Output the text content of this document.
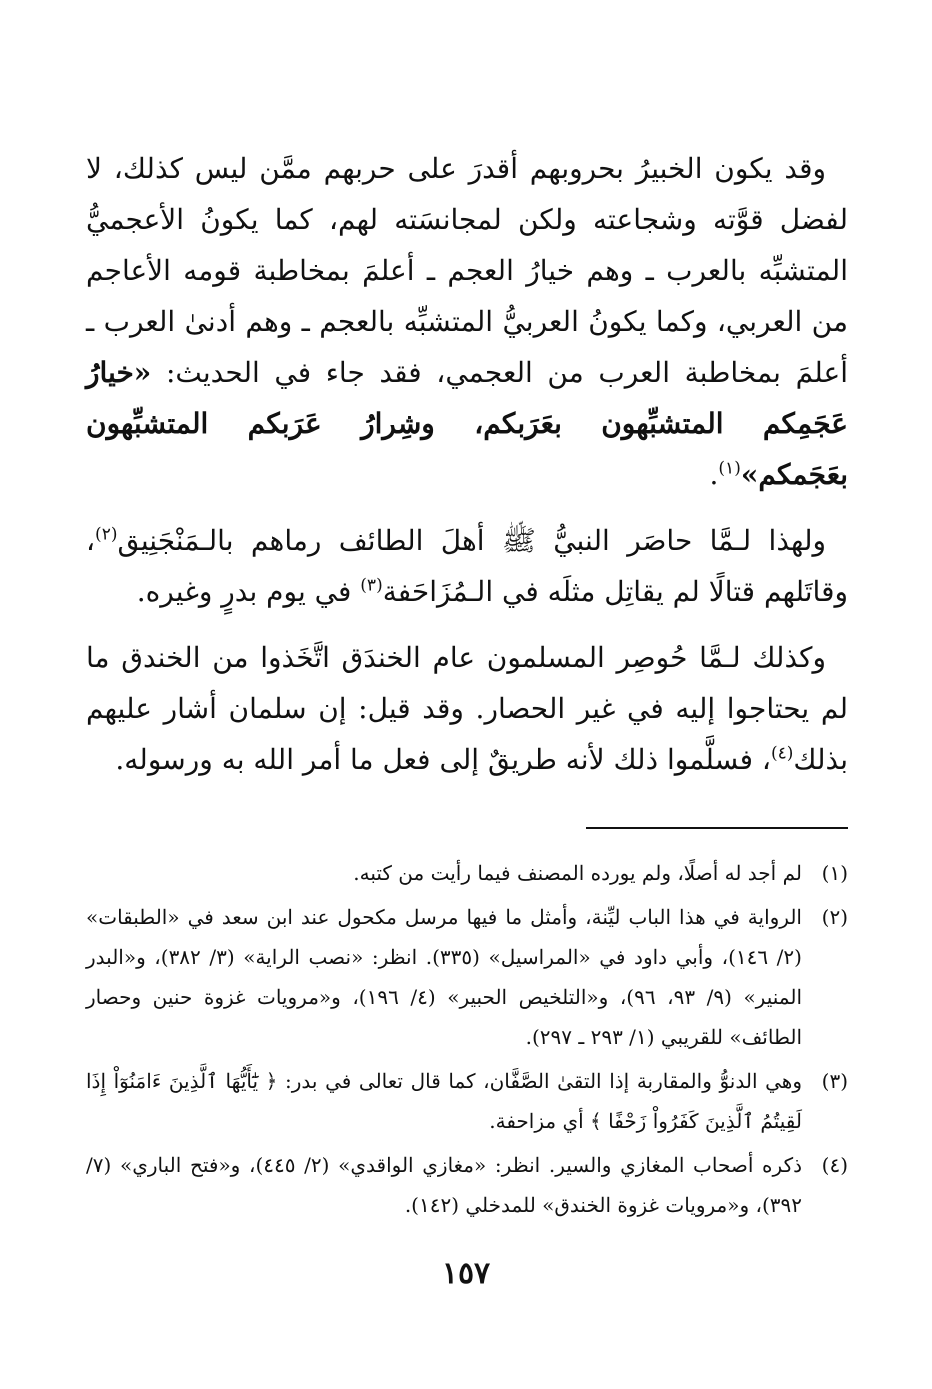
وقد يكون الخبيرُ بحروبهم أقدرَ على حربهم ممَّن ليس كذلك، لا لفضل قوَّته وشجاعته ولكن لمجانسَته لهم، كما يكونُ الأعجميُّ المتشبِّه بالعرب ـ وهم خيارُ العجم ـ أعلمَ بمخاطبة قومه الأعاجم من العربي، وكما يكونُ العربيُّ المتشبِّه بالعجم ـ وهم أدنىٰ العرب ـ أعلمَ بمخاطبة العرب من العجمي، فقد جاء في الحديث: «خيارُ عَجَمِكم المتشبِّهون بعَرَبكم، وشِرارُ عَرَبكم المتشبِّهون بعَجَمكم»$^{(١)}$.

ولهذا لـمَّا حاصَر النبيُّ ﷺ أهلَ الطائف رماهم بالـمَنْجَنِيق$^{(٢)}$، وقاتَلهم قتالًا لم يقاتِل مثلَه في الـمُزَاحَفة$^{(٣)}$ في يوم بدرٍ وغيره.

وكذلك لـمَّا حُوصِر المسلمون عام الخندَق اتَّخَذوا من الخندق ما لم يحتاجوا إليه في غير الحصار. وقد قيل: إن سلمان أشار عليهم بذلك$^{(٤)}$، فسلَّموا ذلك لأنه طريقٌ إلى فعل ما أمر الله به ورسوله.

(١)
لم أجد له أصلًا، ولم يورده المصنف فيما رأيت من كتبه.
(٢)
الرواية في هذا الباب ليِّنة، وأمثل ما فيها مرسل مكحول عند ابن سعد في «الطبقات» (٢/ ١٤٦)، وأبي داود في «المراسيل» (٣٣٥). انظر: «نصب الراية» (٣/ ٣٨٢)، و«البدر المنير» (٩/ ٩٣، ٩٦)، و«التلخيص الحبير» (٤/ ١٩٦)، و«مرويات غزوة حنين وحصار الطائف» للقريبي (١/ ٢٩٣ ـ ٢٩٧).
(٣)
وهي الدنوُّ والمقاربة إذا التقىٰ الصَّفَّان، كما قال تعالى في بدر: ﴿ يَٰٓأَيُّهَا ٱلَّذِينَ ءَامَنُوٓاْ إِذَا لَقِيتُمُ ٱلَّذِينَ كَفَرُواْ زَحْفًا ﴾ أي مزاحفة.
(٤)
ذكره أصحاب المغازي والسير. انظر: «مغازي الواقدي» (٢/ ٤٤٥)، و«فتح الباري» (٧/ ٣٩٢)، و«مرويات غزوة الخندق» للمدخلي (١٤٢).
١٥٧
